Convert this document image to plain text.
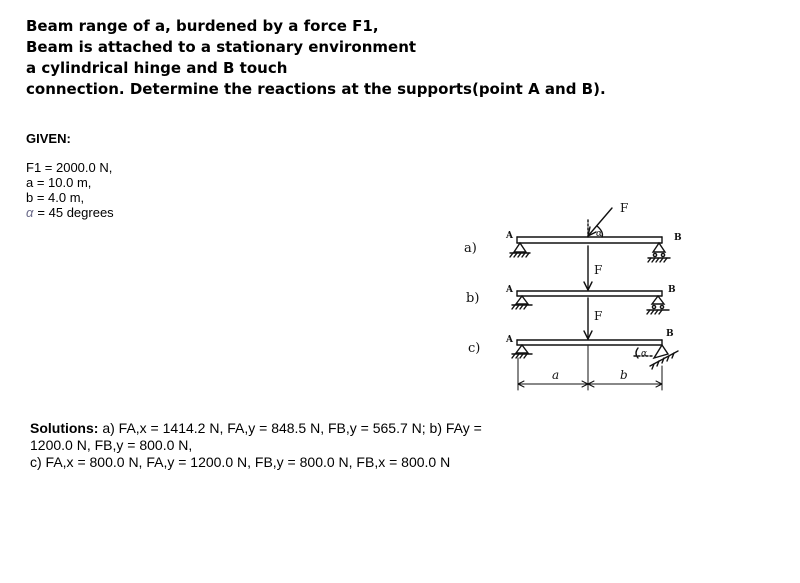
Beam range of a, burdened by a force F1,
Beam is attached to a stationary environment
a cylindrical hinge and B touch
connection. Determine the reactions at the supports(point A and B).
GIVEN:
F1 = 2000.0 N,
a = 10.0 m,
b = 4.0 m,
α = 45 degrees
a)
b)
c)
A
A
A
B
B
B
F
F
F
α
α
a	b
Solutions: a) FA,x = 1414.2 N, FA,y = 848.5 N, FB,y = 565.7 N; b) FAy =
1200.0 N, FB,y = 800.0 N,
c) FA,x = 800.0 N, FA,y = 1200.0 N, FB,y = 800.0 N, FB,x = 800.0 N
